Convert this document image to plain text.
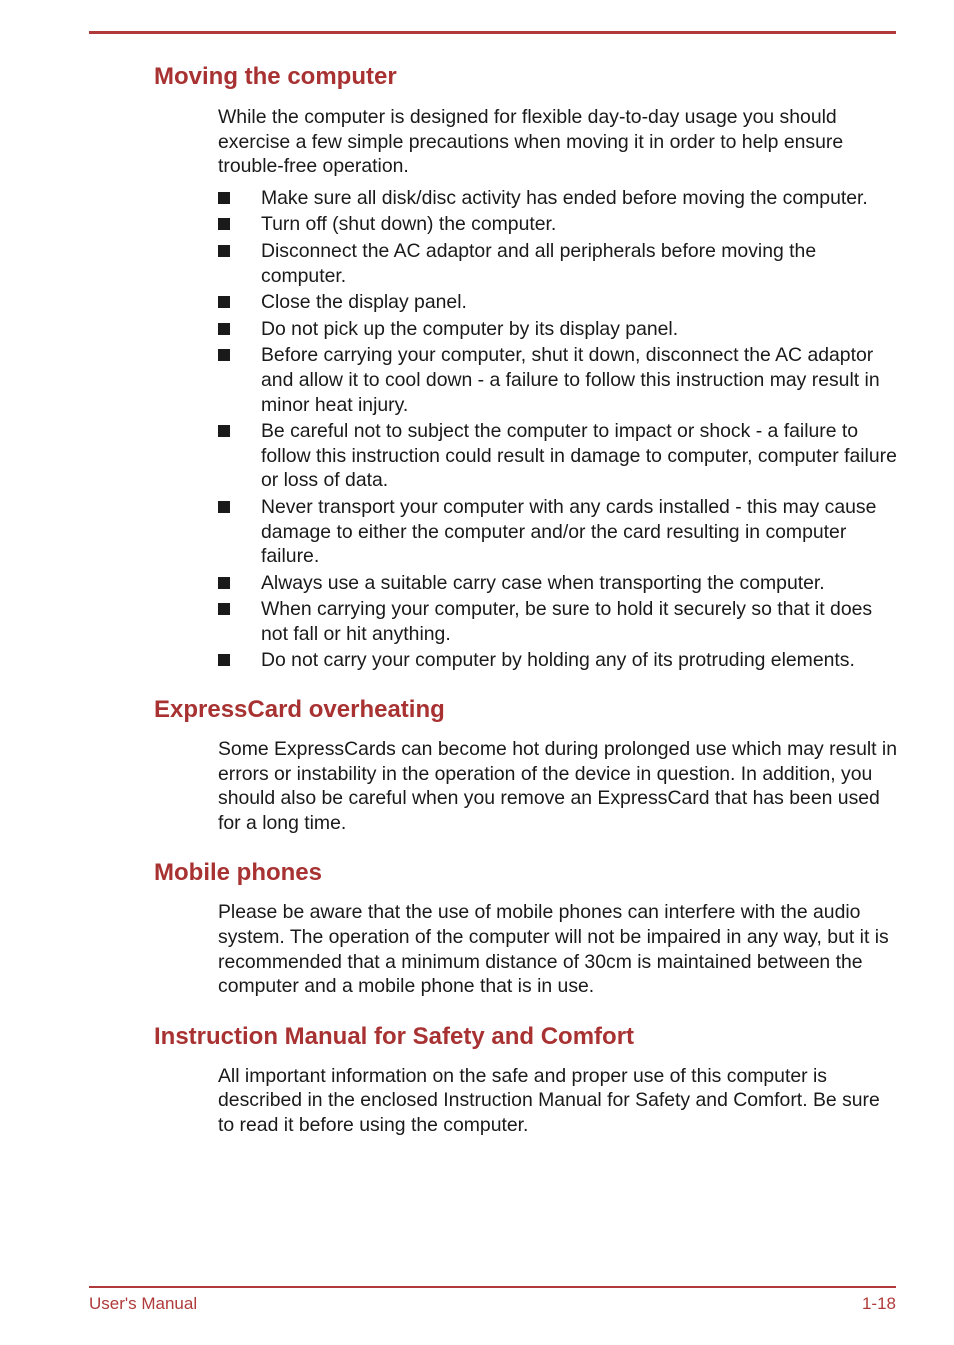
Moving the computer

While the computer is designed for flexible day-to-day usage you should exercise a few simple precautions when moving it in order to help ensure trouble-free operation.

Make sure all disk/disc activity has ended before moving the computer.
Turn off (shut down) the computer.
Disconnect the AC adaptor and all peripherals before moving the computer.
Close the display panel.
Do not pick up the computer by its display panel.
Before carrying your computer, shut it down, disconnect the AC adaptor and allow it to cool down - a failure to follow this instruction may result in minor heat injury.
Be careful not to subject the computer to impact or shock - a failure to follow this instruction could result in damage to computer, computer failure or loss of data.
Never transport your computer with any cards installed - this may cause damage to either the computer and/or the card resulting in computer failure.
Always use a suitable carry case when transporting the computer.
When carrying your computer, be sure to hold it securely so that it does not fall or hit anything.
Do not carry your computer by holding any of its protruding elements.
ExpressCard overheating

Some ExpressCards can become hot during prolonged use which may result in errors or instability in the operation of the device in question. In addition, you should also be careful when you remove an ExpressCard that has been used for a long time.

Mobile phones

Please be aware that the use of mobile phones can interfere with the audio system. The operation of the computer will not be impaired in any way, but it is recommended that a minimum distance of 30cm is maintained between the computer and a mobile phone that is in use.

Instruction Manual for Safety and Comfort

All important information on the safe and proper use of this computer is described in the enclosed Instruction Manual for Safety and Comfort. Be sure to read it before using the computer.

User's Manual	1-18
